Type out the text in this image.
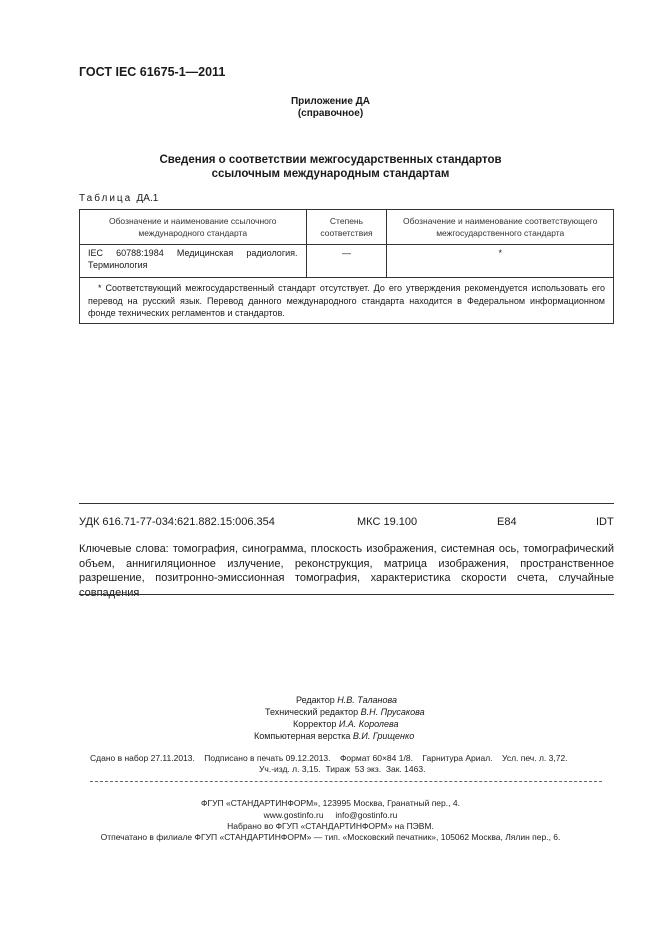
ГОСТ IEC 61675-1—2011
Приложение ДА
(справочное)
Сведения о соответствии межгосударственных стандартов
ссылочным международным стандартам
Таблица ДА.1
Обозначение и наименование ссылочного международного стандарта	Степень соответствия	Обозначение и наименование соответствующего межгосударственного стандарта
IEC 60788:1984 Медицинская радиология. Терминология	—	*
* Соответствующий межгосударственный стандарт отсутствует. До его утверждения рекомендуется использовать его перевод на русский язык. Перевод данного международного стандарта находится в Федеральном информационном фонде технических регламентов и стандартов.		
УДК 616.71-77-034:621.882.15:006.354	МКС 19.100	E84	IDT
Ключевые слова: томография, синограмма, плоскость изображения, системная ось, томографический объем, аннигиляционное излучение, реконструкция, матрица изображения, пространственное разрешение, позитронно-эмиссионная томография, характеристика скорости счета, случайные совпадения
Редактор Н.В. Таланова
Технический редактор В.Н. Прусакова
Корректор И.А. Королева
Компьютерная верстка В.И. Грищенко
Сдано в набор 27.11.2013.    Подписано в печать 09.12.2013.    Формат 60×84 1/8.    Гарнитура Ариал.    Усл. печ. л. 3,72.
Уч.-изд. л. 3,15.  Тираж  53 экз.  Зак. 1463.
ФГУП «СТАНДАРТИНФОРМ», 123995 Москва, Гранатный пер., 4.
www.gostinfo.ru     info@gostinfo.ru
Набрано во ФГУП «СТАНДАРТИНФОРМ» на ПЭВМ.
Отпечатано в филиале ФГУП «СТАНДАРТИНФОРМ» — тип. «Московский печатник», 105062 Москва, Лялин пер., 6.
